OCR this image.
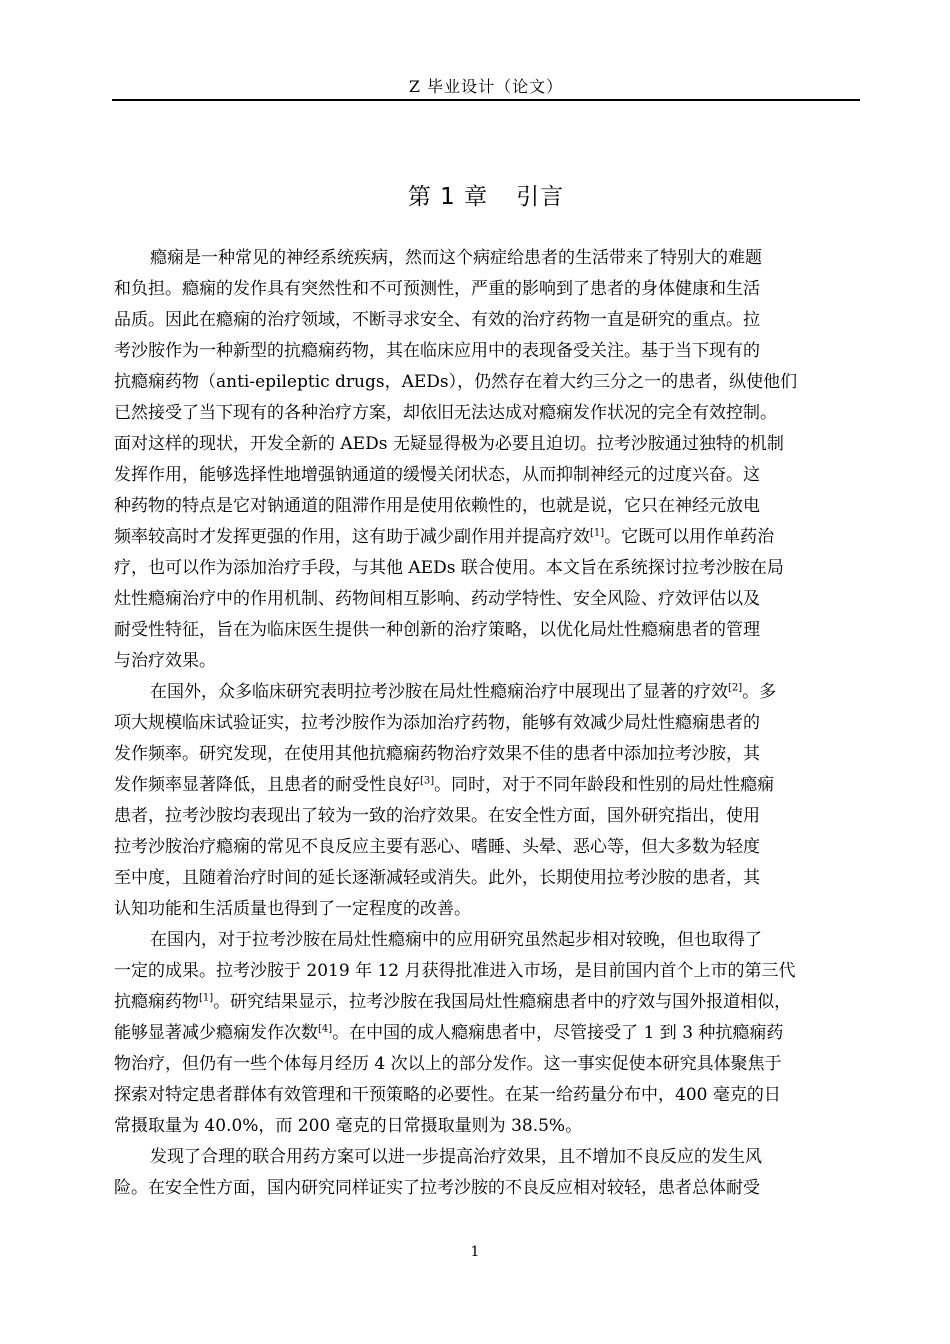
Z 毕业设计（论文）
第 1 章 引言
瘾痫是一种常见的神经系统疾病，然而这个病症给患者的生活带来了特别大的难题
和负担。瘾痫的发作具有突然性和不可预测性，严重的影响到了患者的身体健康和生活
品质。因此在瘾痫的治疗领域，不断寻求安全、有效的治疗药物一直是研究的重点。拉
考沙胺作为一种新型的抗瘾痫药物，其在临床应用中的表现备受关注。基于当下现有的
抗瘾痫药物（anti-epileptic drugs，AEDs），仍然存在着大约三分之一的患者，纵使他们
已然接受了当下现有的各种治疗方案，却依旧无法达成对瘾痫发作状况的完全有效控制。
面对这样的现状，开发全新的 AEDs 无疑显得极为必要且迫切。拉考沙胺通过独特的机制
发挥作用，能够选择性地增强钠通道的缓慢关闭状态，从而抑制神经元的过度兴奋。这
种药物的特点是它对钠通道的阻滞作用是使用依赖性的，也就是说，它只在神经元放电
频率较高时才发挥更强的作用，这有助于减少副作用并提高疗效[1]。它既可以用作单药治
疗，也可以作为添加治疗手段，与其他 AEDs 联合使用。本文旨在系统探讨拉考沙胺在局
灶性瘾痫治疗中的作用机制、药物间相互影响、药动学特性、安全风险、疗效评估以及
耐受性特征，旨在为临床医生提供一种创新的治疗策略，以优化局灶性瘾痫患者的管理
与治疗效果。
在国外，众多临床研究表明拉考沙胺在局灶性瘾痫治疗中展现出了显著的疗效[2]。多
项大规模临床试验证实，拉考沙胺作为添加治疗药物，能够有效减少局灶性瘾痫患者的
发作频率。研究发现，在使用其他抗瘾痫药物治疗效果不佳的患者中添加拉考沙胺，其
发作频率显著降低，且患者的耐受性良好[3]。同时，对于不同年龄段和性别的局灶性瘾痫
患者，拉考沙胺均表现出了较为一致的治疗效果。在安全性方面，国外研究指出，使用
拉考沙胺治疗瘾痫的常见不良反应主要有恶心、嗜睡、头晕、恶心等，但大多数为轻度
至中度，且随着治疗时间的延长逐渐减轻或消失。此外，长期使用拉考沙胺的患者，其
认知功能和生活质量也得到了一定程度的改善。
在国内，对于拉考沙胺在局灶性瘾痫中的应用研究虽然起步相对较晚，但也取得了
一定的成果。拉考沙胺于 2019 年 12 月获得批准进入市场，是目前国内首个上市的第三代
抗瘾痫药物[1]。研究结果显示，拉考沙胺在我国局灶性瘾痫患者中的疗效与国外报道相似，
能够显著减少瘾痫发作次数[4]。在中国的成人瘾痫患者中，尽管接受了 1 到 3 种抗瘾痫药
物治疗，但仍有一些个体每月经历 4 次以上的部分发作。这一事实促使本研究具体聚焦于
探索对特定患者群体有效管理和干预策略的必要性。在某一给药量分布中，400 毫克的日
常摄取量为 40.0%，而 200 毫克的日常摄取量则为 38.5%。
发现了合理的联合用药方案可以进一步提高治疗效果，且不增加不良反应的发生风
险。在安全性方面，国内研究同样证实了拉考沙胺的不良反应相对较轻，患者总体耐受
1
